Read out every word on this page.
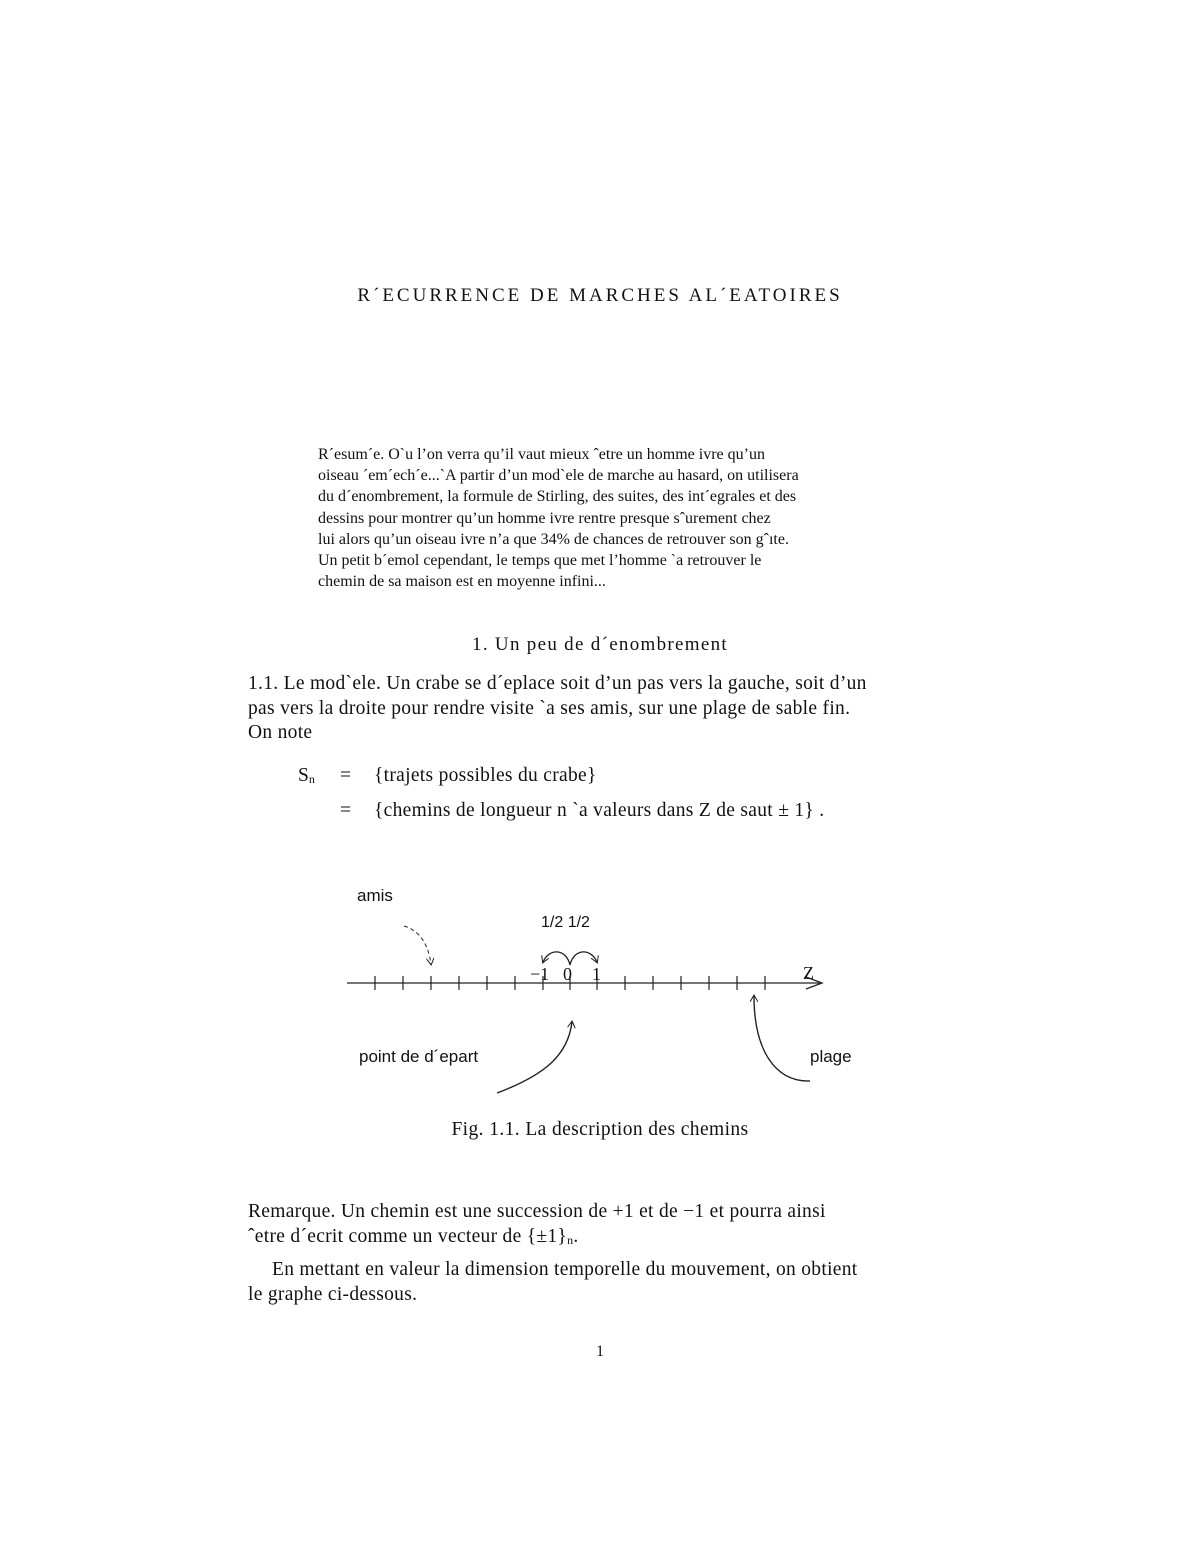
R´ECURRENCE DE MARCHES AL´EATOIRES
R´esum´e. O`u l’on verra qu’il vaut mieux ˆetre un homme ivre qu’un
oiseau ´em´ech´e...`A partir d’un mod`ele de marche au hasard, on utilisera
du d´enombrement, la formule de Stirling, des suites, des int´egrales et des
dessins pour montrer qu’un homme ivre rentre presque sˆurement chez
lui alors qu’un oiseau ivre n’a que 34% de chances de retrouver son gˆıte.
Un petit b´emol cependant, le temps que met l’homme `a retrouver le
chemin de sa maison est en moyenne infini...
1. Un peu de d´enombrement
1.1. Le mod`ele. Un crabe se d´eplace soit d’un pas vers la gauche, soit d’un
pas vers la droite pour rendre visite `a ses amis, sur une plage de sable fin.
On note
Sn = {trajets possibles du crabe}
= {chemins de longueur n `a valeurs dans Z de saut ± 1} .
amis
1/2 1/2
−1 0 1	Z
point de d´epart	plage
Fig. 1.1. La description des chemins
Remarque. Un chemin est une succession de +1 et de −1 et pourra ainsi
ˆetre d´ecrit comme un vecteur de {±1}n.
En mettant en valeur la dimension temporelle du mouvement, on obtient
le graphe ci-dessous.
1
